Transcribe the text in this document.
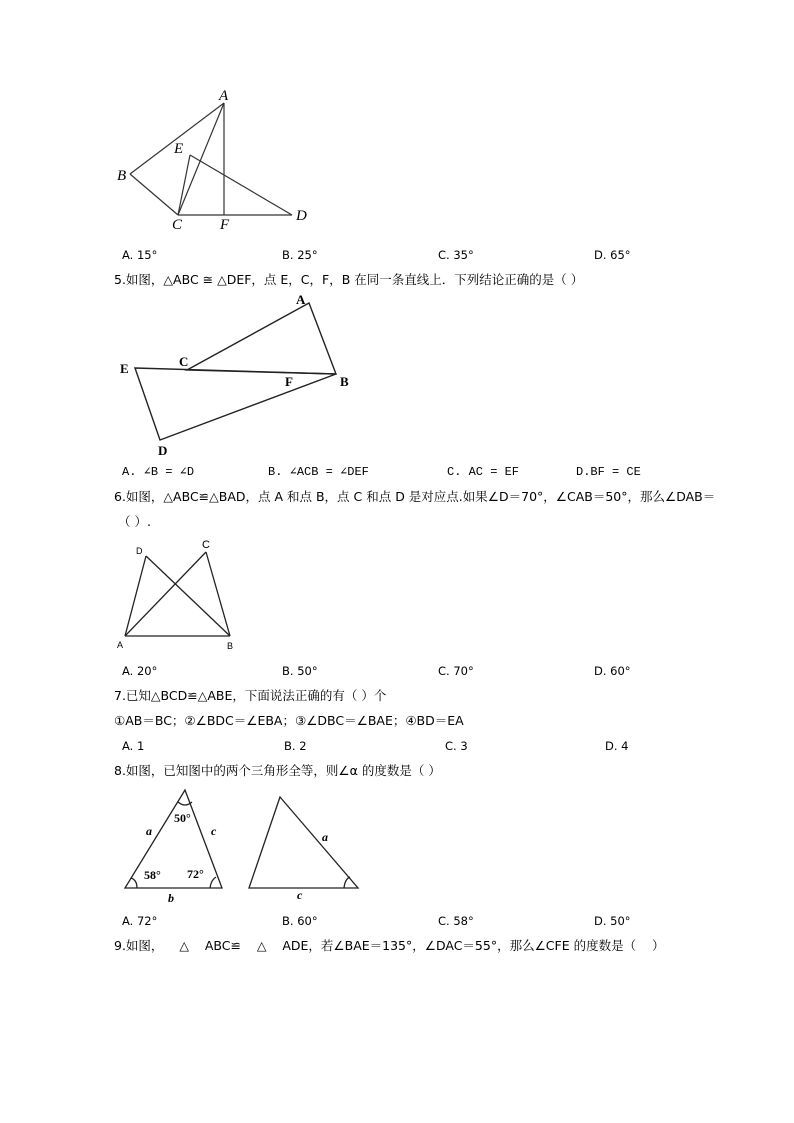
A
B
E
C	F
D
A. 15°	B. 25°	C. 35°	D. 65°
5.如图，△ABC ≅ △DEF，点 E，C，F，B 在同一条直线上．下列结论正确的是（ ）
A
B
C
E
F
D
A. ∠B = ∠D	B. ∠ACB = ∠DEF	C. AC = EF	D.BF = CE
6.如图，△ABC≌△BAD，点 A 和点 B，点 C 和点 D 是对应点.如果∠D＝70°，∠CAB＝50°，那么∠DAB＝
（ ）.
D	C
A	B
A. 20°	B. 50°	C. 70°	D. 60°
7.已知△BCD≌△ABE，下面说法正确的有（ ）个
①AB＝BC；②∠BDC＝∠EBA；③∠DBC＝∠BAE；④BD＝EA
A. 1	B. 2	C. 3	D. 4
8.如图，已知图中的两个三角形全等，则∠α 的度数是（ ）
a	c
b
50°
58° 72°
a
c
A. 72°	B. 60°	C. 58°	D. 50°
9.如图，    △    ABC≌    △    ADE，若∠BAE＝135°，∠DAC＝55°，那么∠CFE 的度数是（    ）
